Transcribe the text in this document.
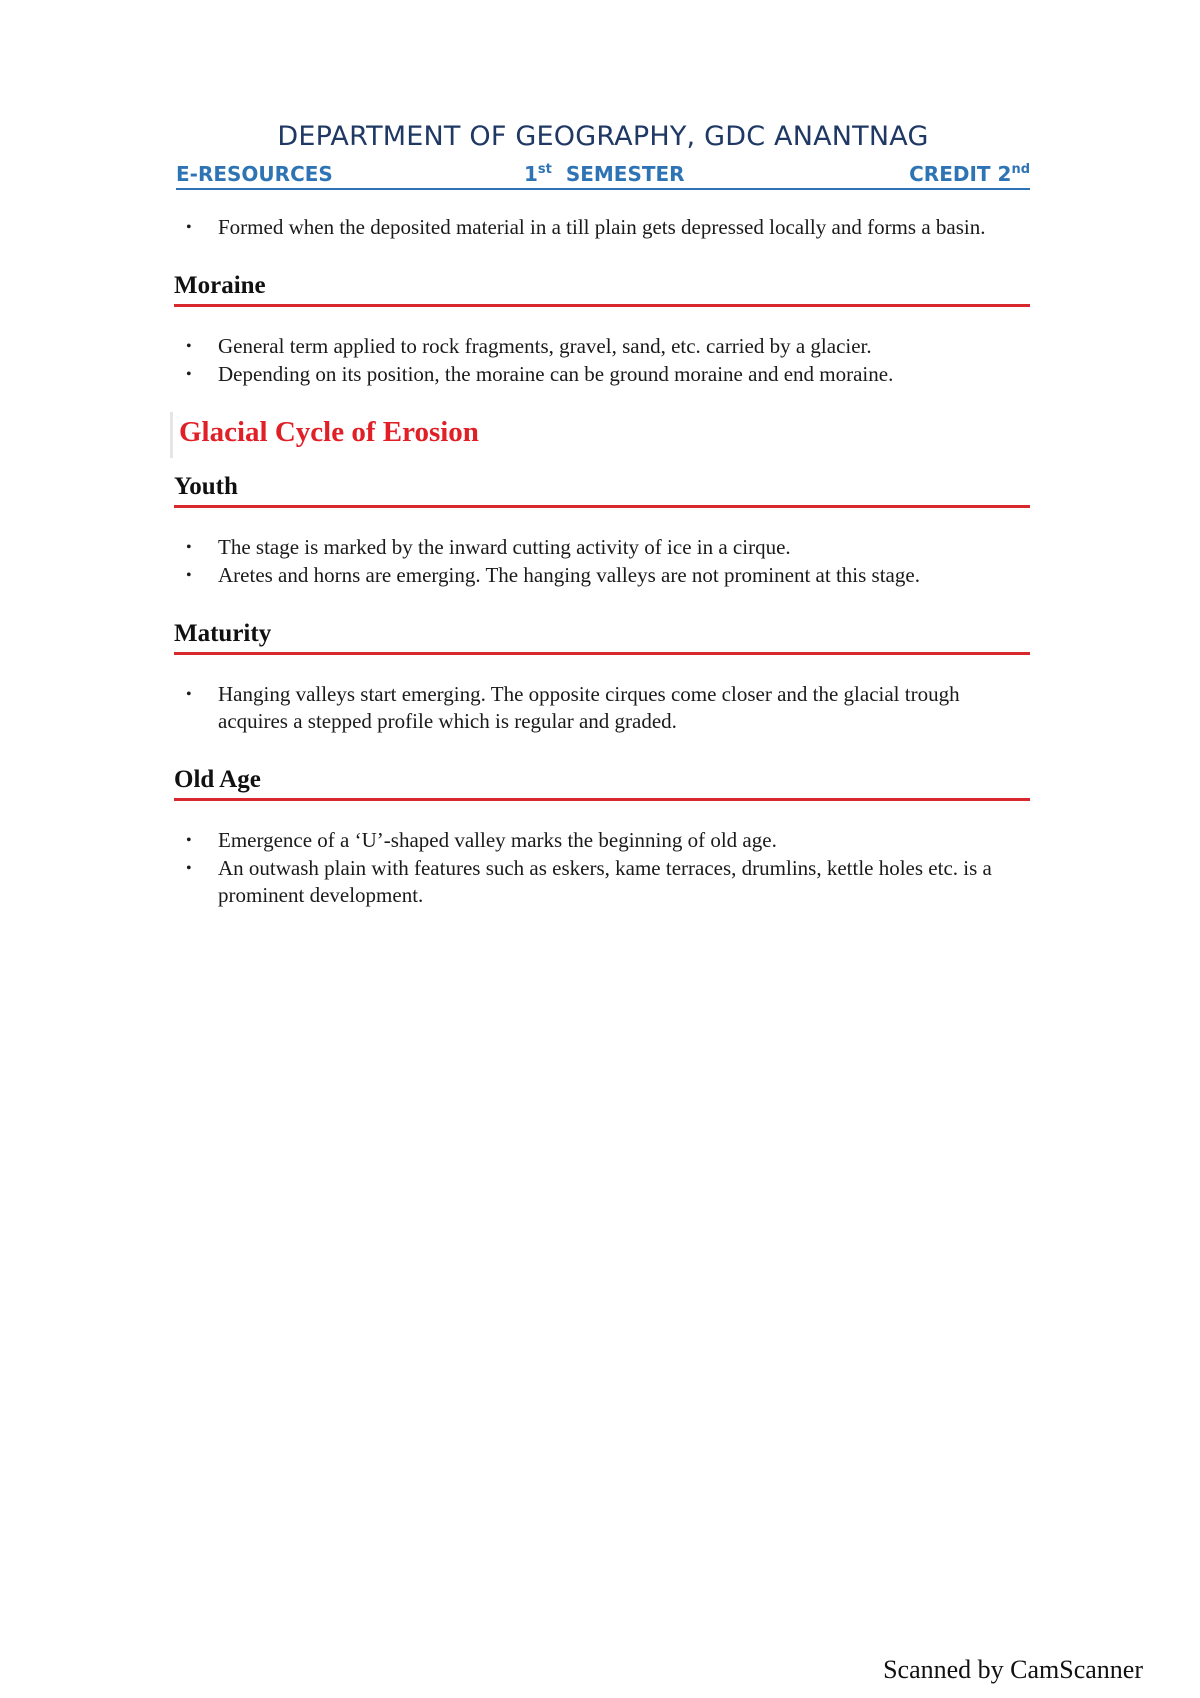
DEPARTMENT OF GEOGRAPHY, GDC ANANTNAG
E-RESOURCES	1st SEMESTER	CREDIT 2nd
• Formed when the deposited material in a till plain gets depressed locally and forms a basin.
Moraine
• General term applied to rock fragments, gravel, sand, etc. carried by a glacier.
• Depending on its position, the moraine can be ground moraine and end moraine.
Glacial Cycle of Erosion
Youth
• The stage is marked by the inward cutting activity of ice in a cirque.
• Aretes and horns are emerging. The hanging valleys are not prominent at this stage.
Maturity
• Hanging valleys start emerging. The opposite cirques come closer and the glacial trough acquires a stepped profile which is regular and graded.
Old Age
• Emergence of a ‘U’-shaped valley marks the beginning of old age.
• An outwash plain with features such as eskers, kame terraces, drumlins, kettle holes etc. is a prominent development.
Scanned by CamScanner
